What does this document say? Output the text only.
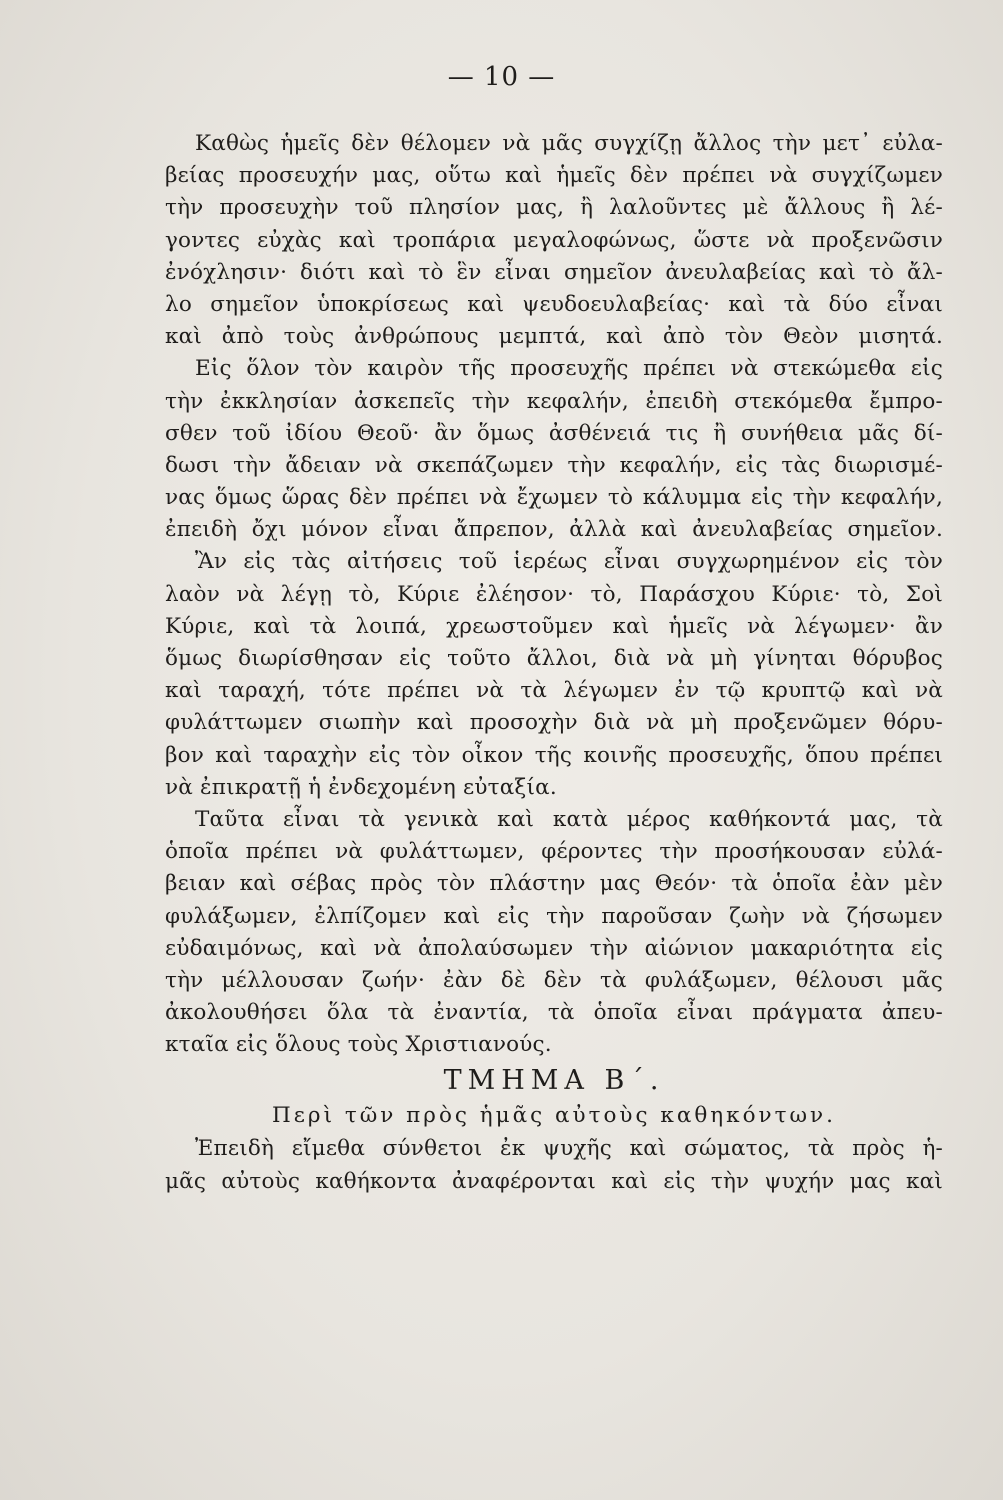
— 10 —
Καθὼς ἡμεῖς δὲν θέλομεν νὰ μᾶς συγχίζῃ ἄλλος τὴν μετ᾽ εὐλα-
βείας προσευχήν μας, οὕτω καὶ ἡμεῖς δὲν πρέπει νὰ συγχίζωμεν
τὴν προσευχὴν τοῦ πλησίον μας, ἢ λαλοῦντες μὲ ἄλλους ἢ λέ-
γοντες εὐχὰς καὶ τροπάρια μεγαλοφώνως, ὥστε νὰ προξενῶσιν
ἐνόχλησιν· διότι καὶ τὸ ἓν εἶναι σημεῖον ἀνευλαβείας καὶ τὸ ἄλ-
λο σημεῖον ὑποκρίσεως καὶ ψευδοευλαβείας· καὶ τὰ δύο εἶναι
καὶ ἀπὸ τοὺς ἀνθρώπους μεμπτά, καὶ ἀπὸ τὸν Θεὸν μισητά.
Εἰς ὅλον τὸν καιρὸν τῆς προσευχῆς πρέπει νὰ στεκώμεθα εἰς
τὴν ἐκκλησίαν ἀσκεπεῖς τὴν κεφαλήν, ἐπειδὴ στεκόμεθα ἔμπρο-
σθεν τοῦ ἰδίου Θεοῦ· ἂν ὅμως ἀσθένειά τις ἢ συνήθεια μᾶς δί-
δωσι τὴν ἄδειαν νὰ σκεπάζωμεν τὴν κεφαλήν, εἰς τὰς διωρισμέ-
νας ὅμως ὥρας δὲν πρέπει νὰ ἔχωμεν τὸ κάλυμμα εἰς τὴν κεφαλήν,
ἐπειδὴ ὄχι μόνον εἶναι ἄπρεπον, ἀλλὰ καὶ ἀνευλαβείας σημεῖον.
Ἂν εἰς τὰς αἰτήσεις τοῦ ἱερέως εἶναι συγχωρημένον εἰς τὸν
λαὸν νὰ λέγῃ τὸ, Κύριε ἐλέησον· τὸ, Παράσχου Κύριε· τὸ, Σοὶ
Κύριε, καὶ τὰ λοιπά, χρεωστοῦμεν καὶ ἡμεῖς νὰ λέγωμεν· ἂν
ὅμως διωρίσθησαν εἰς τοῦτο ἄλλοι, διὰ νὰ μὴ γίνηται θόρυβος
καὶ ταραχή, τότε πρέπει νὰ τὰ λέγωμεν ἐν τῷ κρυπτῷ καὶ νὰ
φυλάττωμεν σιωπὴν καὶ προσοχὴν διὰ νὰ μὴ προξενῶμεν θόρυ-
βον καὶ ταραχὴν εἰς τὸν οἶκον τῆς κοινῆς προσευχῆς, ὅπου πρέπει
νὰ ἐπικρατῇ ἡ ἐνδεχομένη εὐταξία.
Ταῦτα εἶναι τὰ γενικὰ καὶ κατὰ μέρος καθήκοντά μας, τὰ
ὁποῖα πρέπει νὰ φυλάττωμεν, φέροντες τὴν προσήκουσαν εὐλά-
βειαν καὶ σέβας πρὸς τὸν πλάστην μας Θεόν· τὰ ὁποῖα ἐὰν μὲν
φυλάξωμεν, ἐλπίζομεν καὶ εἰς τὴν παροῦσαν ζωὴν νὰ ζήσωμεν
εὐδαιμόνως, καὶ νὰ ἀπολαύσωμεν τὴν αἰώνιον μακαριότητα εἰς
τὴν μέλλουσαν ζωήν· ἐὰν δὲ δὲν τὰ φυλάξωμεν, θέλουσι μᾶς
ἀκολουθήσει ὅλα τὰ ἐναντία, τὰ ὁποῖα εἶναι πράγματα ἀπευ-
κταῖα εἰς ὅλους τοὺς Χριστιανούς.
ΤΜΗΜΑ Β΄.
Περὶ τῶν πρὸς ἡμᾶς αὐτοὺς καθηκόντων.
Ἐπειδὴ εἴμεθα σύνθετοι ἐκ ψυχῆς καὶ σώματος, τὰ πρὸς ἡ-
μᾶς αὐτοὺς καθήκοντα ἀναφέρονται καὶ εἰς τὴν ψυχήν μας καὶ
